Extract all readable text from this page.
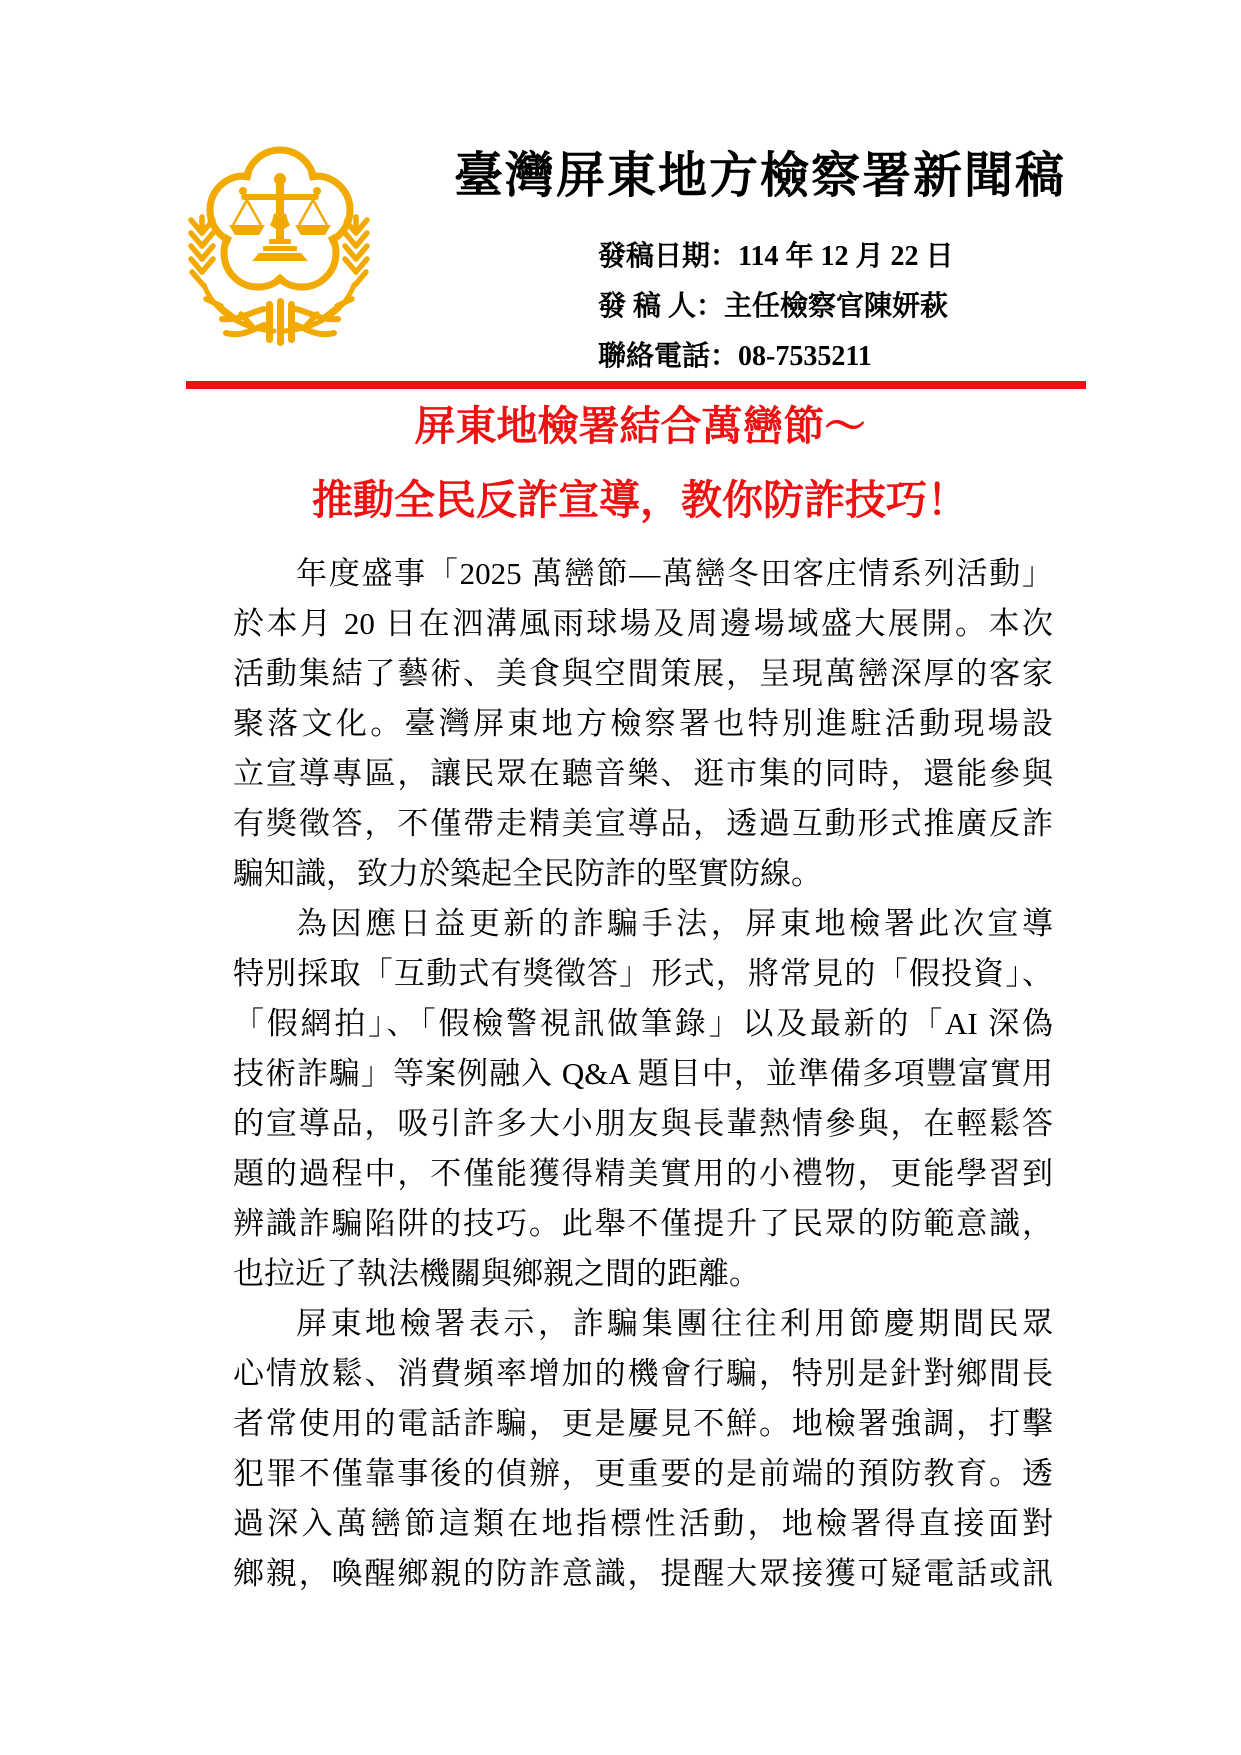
臺灣屏東地方檢察署新聞稿
發稿日期：114 年 12 月 22 日
發 稿 人：主任檢察官陳妍萩
聯絡電話：08-7535211

屏東地檢署結合萬巒節～

推動全民反詐宣導，教你防詐技巧！

年度盛事「2025 萬巒節—萬巒冬田客庄情系列活動」
於本月 20 日在泗溝風雨球場及周邊場域盛大展開。本次
活動集結了藝術、美食與空間策展，呈現萬巒深厚的客家
聚落文化。臺灣屏東地方檢察署也特別進駐活動現場設
立宣導專區，讓民眾在聽音樂、逛市集的同時，還能參與
有獎徵答，不僅帶走精美宣導品，透過互動形式推廣反詐
騙知識，致力於築起全民防詐的堅實防線。
為因應日益更新的詐騙手法，屏東地檢署此次宣導
特別採取「互動式有獎徵答」形式，將常見的「假投資」、
「假網拍」、「假檢警視訊做筆錄」以及最新的「AI 深偽
技術詐騙」等案例融入 Q&A 題目中，並準備多項豐富實用
的宣導品，吸引許多大小朋友與長輩熱情參與，在輕鬆答
題的過程中，不僅能獲得精美實用的小禮物，更能學習到
辨識詐騙陷阱的技巧。此舉不僅提升了民眾的防範意識，
也拉近了執法機關與鄉親之間的距離。
屏東地檢署表示，詐騙集團往往利用節慶期間民眾
心情放鬆、消費頻率增加的機會行騙，特別是針對鄉間長
者常使用的電話詐騙，更是屢見不鮮。地檢署強調，打擊
犯罪不僅靠事後的偵辦，更重要的是前端的預防教育。透
過深入萬巒節這類在地指標性活動，地檢署得直接面對
鄉親，喚醒鄉親的防詐意識，提醒大眾接獲可疑電話或訊
